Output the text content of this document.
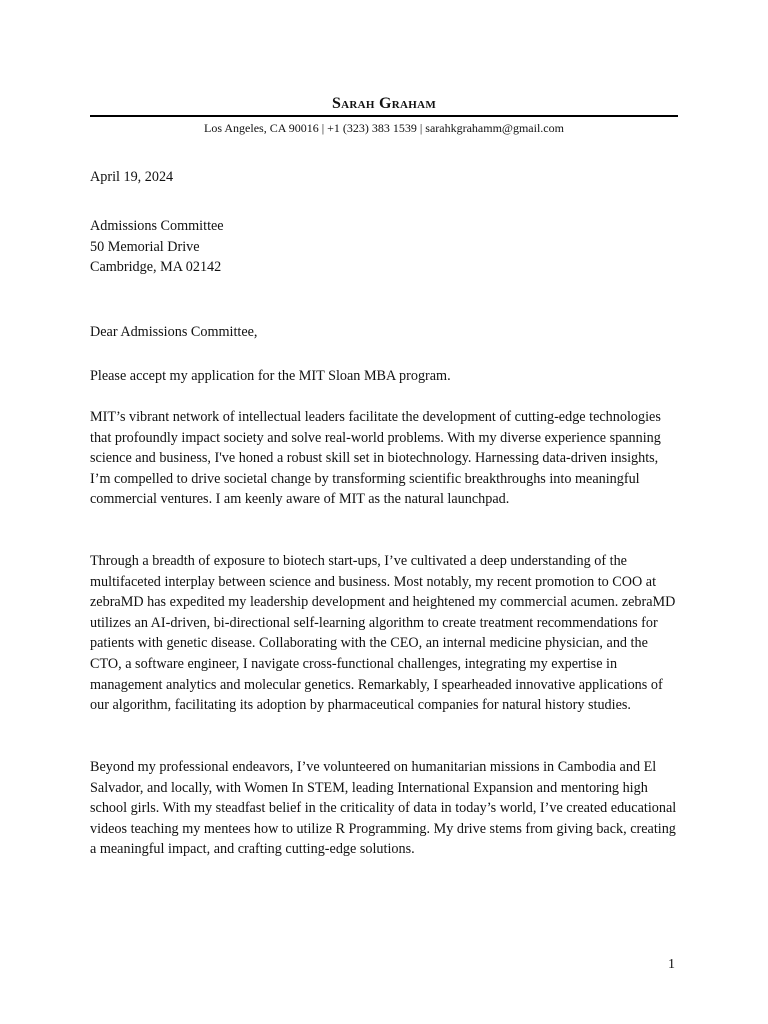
Sarah Graham
Los Angeles, CA 90016 | +1 (323) 383 1539 | sarahkgrahamm@gmail.com
April 19, 2024
Admissions Committee
50 Memorial Drive
Cambridge, MA 02142
Dear Admissions Committee,
Please accept my application for the MIT Sloan MBA program.
MIT’s vibrant network of intellectual leaders facilitate the development of cutting-edge technologies that profoundly impact society and solve real-world problems. With my diverse experience spanning science and business, I've honed a robust skill set in biotechnology. Harnessing data-driven insights, I’m compelled to drive societal change by transforming scientific breakthroughs into meaningful commercial ventures. I am keenly aware of MIT as the natural launchpad.
Through a breadth of exposure to biotech start-ups, I’ve cultivated a deep understanding of the multifaceted interplay between science and business. Most notably, my recent promotion to COO at zebraMD has expedited my leadership development and heightened my commercial acumen. zebraMD utilizes an AI-driven, bi-directional self-learning algorithm to create treatment recommendations for patients with genetic disease. Collaborating with the CEO, an internal medicine physician, and the CTO, a software engineer, I navigate cross-functional challenges, integrating my expertise in management analytics and molecular genetics. Remarkably, I spearheaded innovative applications of our algorithm, facilitating its adoption by pharmaceutical companies for natural history studies.
Beyond my professional endeavors, I’ve volunteered on humanitarian missions in Cambodia and El Salvador, and locally, with Women In STEM, leading International Expansion and mentoring high school girls. With my steadfast belief in the criticality of data in today’s world, I’ve created educational videos teaching my mentees how to utilize R Programming. My drive stems from giving back, creating a meaningful impact, and crafting cutting-edge solutions.
1
